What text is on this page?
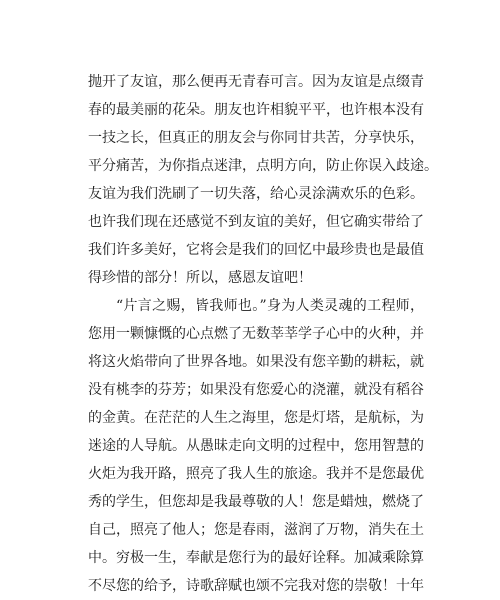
抛开了友谊，那么便再无青春可言。因为友谊是点缀青
春的最美丽的花朵。朋友也许相貌平平，也许根本没有
一技之长，但真正的朋友会与你同甘共苦，分享快乐，
平分痛苦，为你指点迷津，点明方向，防止你误入歧途。
友谊为我们洗刷了一切失落，给心灵涂满欢乐的色彩。
也许我们现在还感觉不到友谊的美好，但它确实带给了
我们许多美好，它将会是我们的回忆中最珍贵也是最值
得珍惜的部分！所以，感恩友谊吧！
“片言之赐，皆我师也。”身为人类灵魂的工程师，
您用一颗慷慨的心点燃了无数莘莘学子心中的火种，并
将这火焰带向了世界各地。如果没有您辛勤的耕耘，就
没有桃李的芬芳；如果没有您爱心的浇灌，就没有稻谷
的金黄。在茫茫的人生之海里，您是灯塔，是航标，为
迷途的人导航。从愚昧走向文明的过程中，您用智慧的
火炬为我开路，照亮了我人生的旅途。我并不是您最优
秀的学生，但您却是我最尊敬的人！您是蜡烛，燃烧了
自己，照亮了他人；您是春雨，滋润了万物，消失在土
中。穷极一生，奉献是您行为的最好诠释。加减乘除算
不尽您的给予，诗歌辞赋也颂不完我对您的崇敬！十年
